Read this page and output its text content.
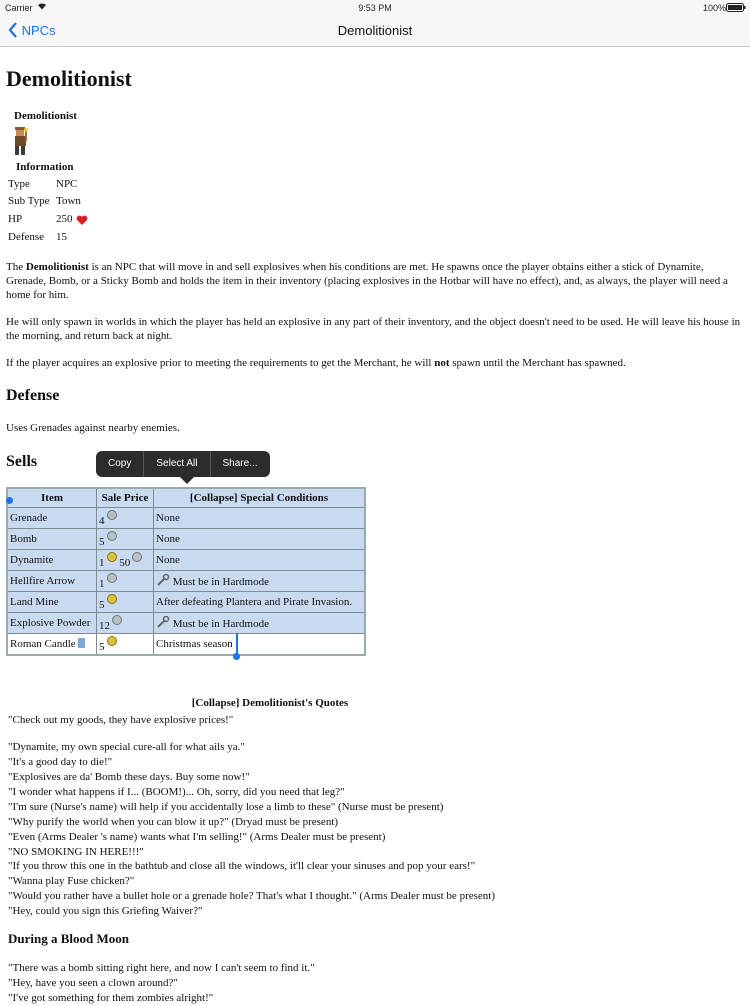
Carrier	9:53 PM	100%
NPCs	Demolitionist
Demolitionist
Demolitionist
Information
Type NPC
Sub Type Town
HP	250
Defense 15

The Demolitionist is an NPC that will move in and sell explosives when his conditions are met. He spawns once the player obtains either a stick of Dynamite, Grenade, Bomb, or a Sticky Bomb and holds the item in their inventory (placing explosives in the Hotbar will have no effect), and, as always, the player will need a home for him.

He will only spawn in worlds in which the player has held an explosive in any part of their inventory, and the object doesn't need to be used. He will leave his house in the morning, and return back at night.

If the player acquires an explosive prior to meeting the requirements to get the Merchant, he will not spawn until the Merchant has spawned.

Defense

Uses Grenades against nearby enemies.

Sells
Item	Sale Price	[Collapse] Special Conditions
Grenade	4	None
Bomb	5	None
Dynamite	1 50	None
Hellfire Arrow	1	Must be in Hardmode
Land Mine	5	After defeating Plantera and Pirate Invasion.
Explosive Powder	12	Must be in Hardmode
Roman Candle	5	Christmas season
[Collapse] Demolitionist's Quotes
"Check out my goods, they have explosive prices!"
"Dynamite, my own special cure-all for what ails ya."
"It's a good day to die!"
"Explosives are da' Bomb these days. Buy some now!"
"I wonder what happens if I... (BOOM!)... Oh, sorry, did you need that leg?"
"I'm sure (Nurse's name) will help if you accidentally lose a limb to these" (Nurse must be present)
"Why purify the world when you can blow it up?" (Dryad must be present)
"Even (Arms Dealer 's name) wants what I'm selling!" (Arms Dealer must be present)
"NO SMOKING IN HERE!!!"
"If you throw this one in the bathtub and close all the windows, it'll clear your sinuses and pop your ears!"
"Wanna play Fuse chicken?"
"Would you rather have a bullet hole or a grenade hole? That's what I thought." (Arms Dealer must be present)
"Hey, could you sign this Griefing Waiver?"
During a Blood Moon
"There was a bomb sitting right here, and now I can't seem to find it."
"Hey, have you seen a clown around?"
"I've got something for them zombies alright!"
Copy	Select All	Share...
